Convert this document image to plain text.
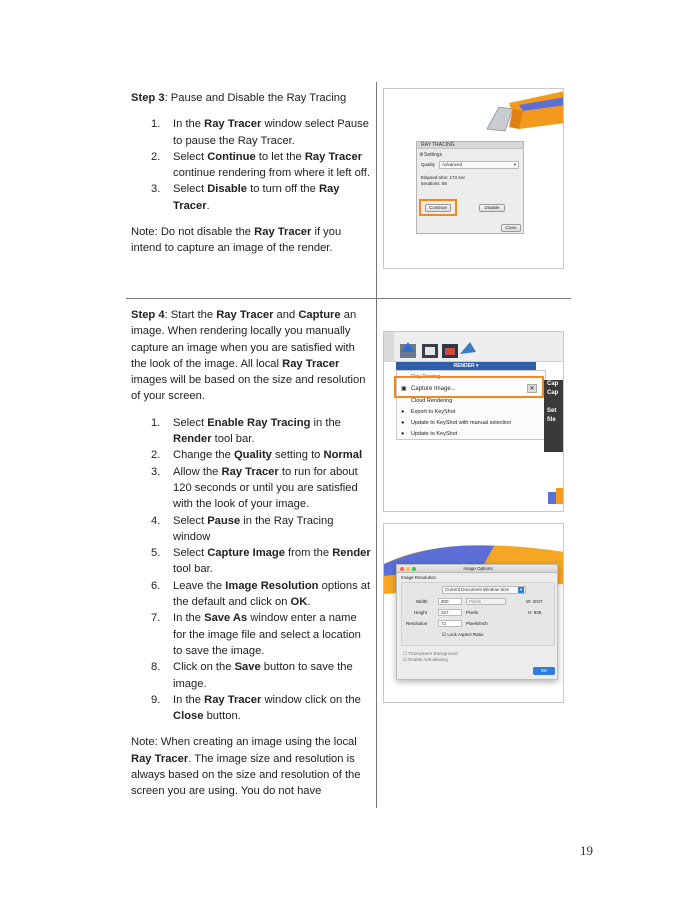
Step 3: Pause and Disable the Ray Tracing

1. In the Ray Tracer window select Pause to pause the Ray Tracer.
2. Select Continue to let the Ray Tracer continue rendering from where it left off.
3. Select Disable to turn off the Ray Tracer.

Note: Do not disable the Ray Tracer if you intend to capture an image of the render.

Step 4: Start the Ray Tracer and Capture an image. When rendering locally you manually capture an image when you are satisfied with the look of the image. All local Ray Tracer images will be based on the size and resolution of your screen.

1. Select Enable Ray Tracing in the Render tool bar.
2. Change the Quality setting to Normal
3. Allow the Ray Tracer to run for about 120 seconds or until you are satisfied with the look of your image.
4. Select Pause in the Ray Tracing window
5. Select Capture Image from the Render tool bar.
6. Leave the Image Resolution options at the default and click on OK.
7. In the Save As window enter a name for the image file and select a location to save the image.
8. Click on the Save button to save the image.
9. In the Ray Tracer window click on the Close button.

Note: When creating an image using the local Ray Tracer. The image size and resolution is always based on the size and resolution of the screen you are using. You do not have

RAY TRACING
Settings
⚙
Quality	Advanced	▾
Elapsed time: 173 sec
Iterations: 86
Continue	Disable
Close
RENDER ▾
Ray Tracing
▣ Capture Image...	✕
Cloud Rendering
Export to KeyShot
●
Update to KeyShot with manual selection
●
Update to KeyShot
●
Cap
Cap
Set
file
Image Options
Image Resolution
Current Document Window Size	▾
Width	800	Pixels	W: 2047
Height	327	Pixels	H: 838
Resolution	72	Pixels/Inch
☑ Lock Aspect Ratio
☐ Transparent Background
☑ Enable Anti-aliasing
OK
19
